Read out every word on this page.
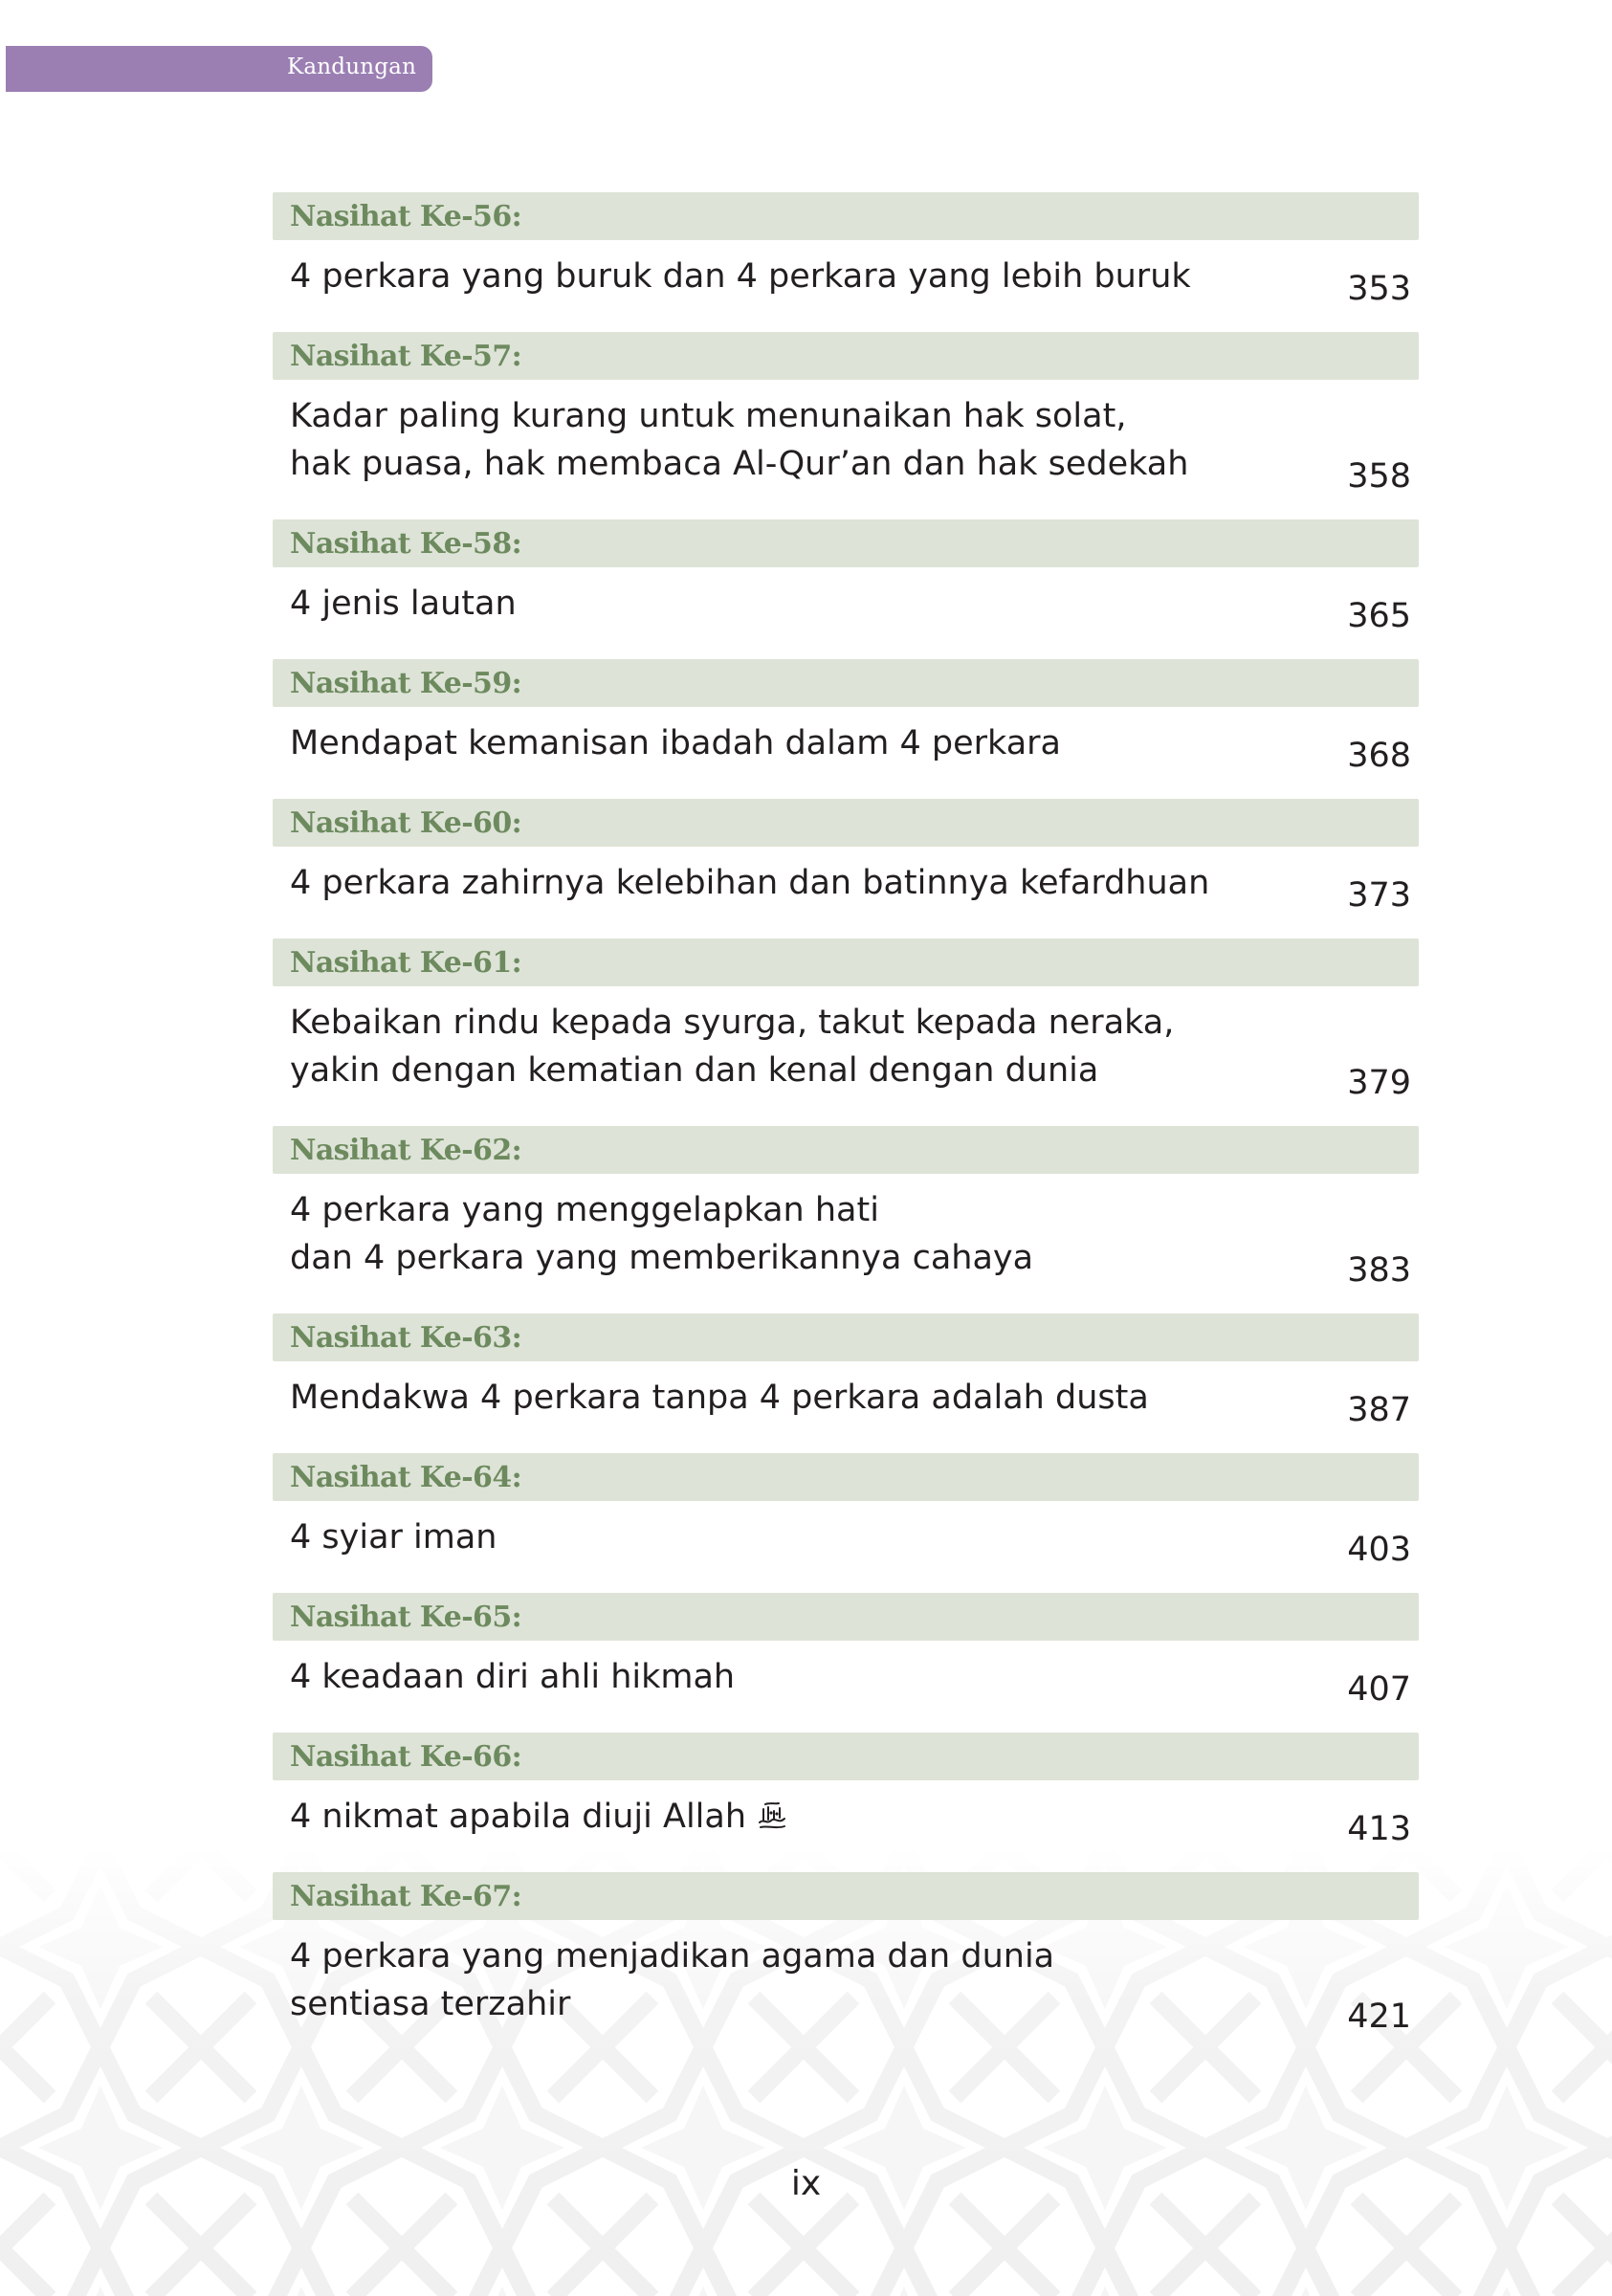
Kandungan
Nasihat Ke-56:
4 perkara yang buruk dan 4 perkara yang lebih buruk	353
Nasihat Ke-57:
Kadar paling kurang untuk menunaikan hak solat,
hak puasa, hak membaca Al-Qur’an dan hak sedekah	358
Nasihat Ke-58:
4 jenis lautan	365
Nasihat Ke-59:
Mendapat kemanisan ibadah dalam 4 perkara	368
Nasihat Ke-60:
4 perkara zahirnya kelebihan dan batinnya kefardhuan	373
Nasihat Ke-61:
Kebaikan rindu kepada syurga, takut kepada neraka,
yakin dengan kematian dan kenal dengan dunia	379
Nasihat Ke-62:
4 perkara yang menggelapkan hati
dan 4 perkara yang memberikannya cahaya	383
Nasihat Ke-63:
Mendakwa 4 perkara tanpa 4 perkara adalah dusta	387
Nasihat Ke-64:
4 syiar iman	403
Nasihat Ke-65:
4 keadaan diri ahli hikmah	407
Nasihat Ke-66:
4 nikmat apabila diuji Allah	413
Nasihat Ke-67:
4 perkara yang menjadikan agama dan dunia
sentiasa terzahir	421
ix
